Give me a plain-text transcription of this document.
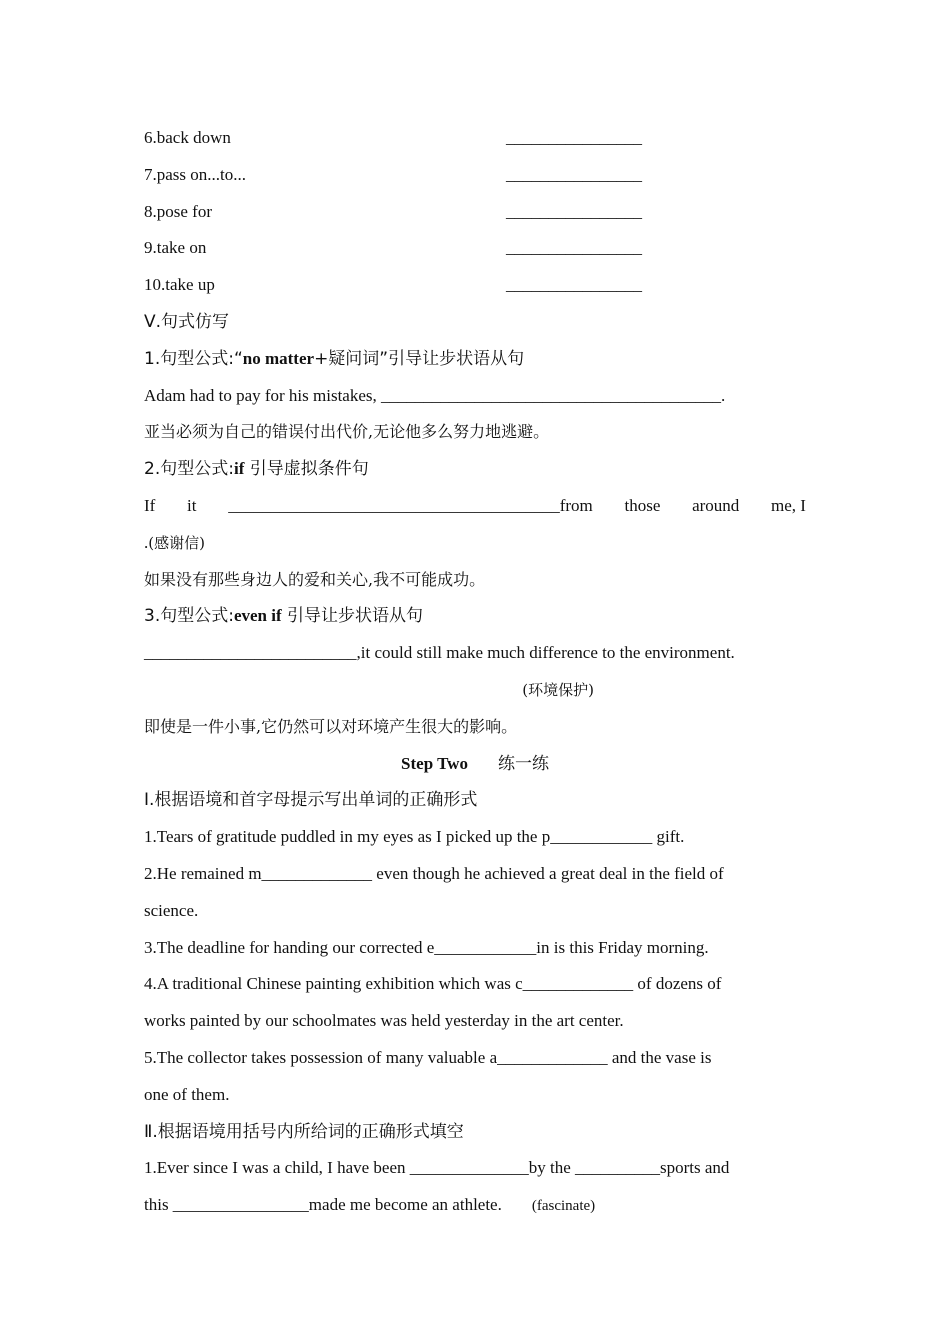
6.back down	________________
7.pass on...to...	________________
8.pose for	________________
9.take on	________________
10.take up	________________
Ⅴ.句式仿写
1.句型公式:“no matter+疑问词”引导让步状语从句
Adam had to pay for his mistakes, ________________________________________.
亚当必须为自己的错误付出代价,无论他多么努力地逃避。
2.句型公式:if 引导虚拟条件句
If it _______________________________________from those around me, I
.(感谢信)
如果没有那些身边人的爱和关心,我不可能成功。
3.句型公式:even if 引导让步状语从句
_________________________,it could still make much difference to the environment.
(环境保护)
即使是一件小事,它仍然可以对环境产生很大的影响。
Step Two 练一练
Ⅰ.根据语境和首字母提示写出单词的正确形式
1.Tears of gratitude puddled in my eyes as I picked up the p____________ gift.
2.He remained m_____________ even though he achieved a great deal in the field of
science.
3.The deadline for handing our corrected e____________in is this Friday morning.
4.A traditional Chinese painting exhibition which was c_____________ of dozens of
works painted by our schoolmates was held yesterday in the art center.
5.The collector takes possession of many valuable a_____________ and the vase is
one of them.
Ⅱ.根据语境用括号内所给词的正确形式填空
1.Ever since I was a child, I have been ______________by the __________sports and
this ________________made me become an athlete. (fascinate)
